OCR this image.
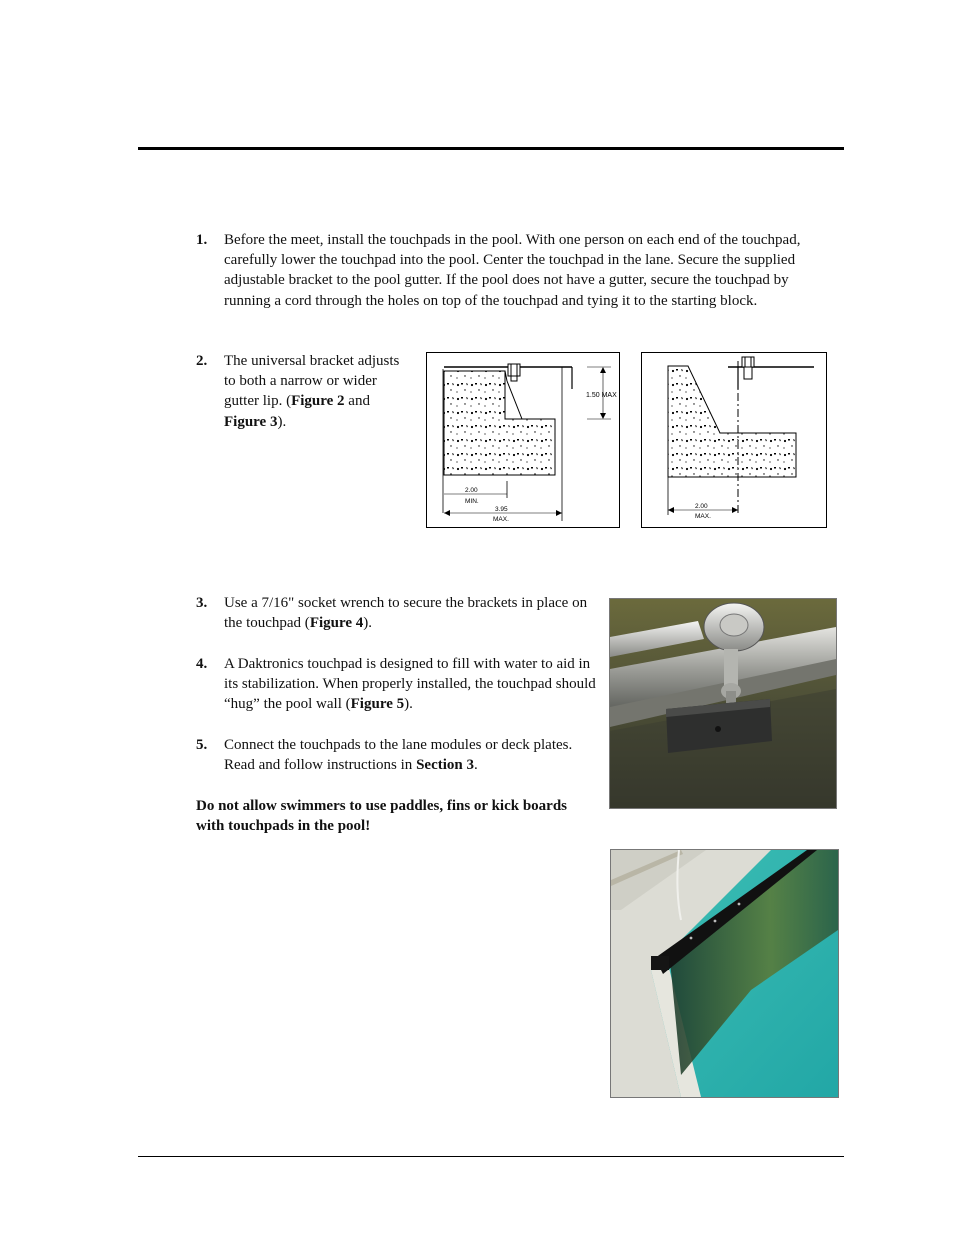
1.	Before the meet, install the touchpads in the pool. With one person on each end of the touchpad, carefully lower the touchpad into the pool. Center the touchpad in the lane. Secure the supplied adjustable bracket to the pool gutter. If the pool does not have a gutter, secure the touchpad by running a cord through the holes on top of the touchpad and tying it to the starting block.
2.	The universal bracket adjusts to both a narrow or wider gutter lip. (Figure 2 and Figure 3).
1.50 MAX
2.00
MIN.
3.95
MAX.
2.00
MAX.
3.	Use a 7/16" socket wrench to secure the brackets in place on the touchpad (Figure 4).
4.	A Daktronics touchpad is designed to fill with water to aid in its stabilization. When properly installed, the touchpad should “hug” the pool wall (Figure 5).
5.	Connect the touchpads to the lane modules or deck plates. Read and follow instructions in Section 3.
Do not allow swimmers to use paddles, fins or kick boards with touchpads in the pool!
